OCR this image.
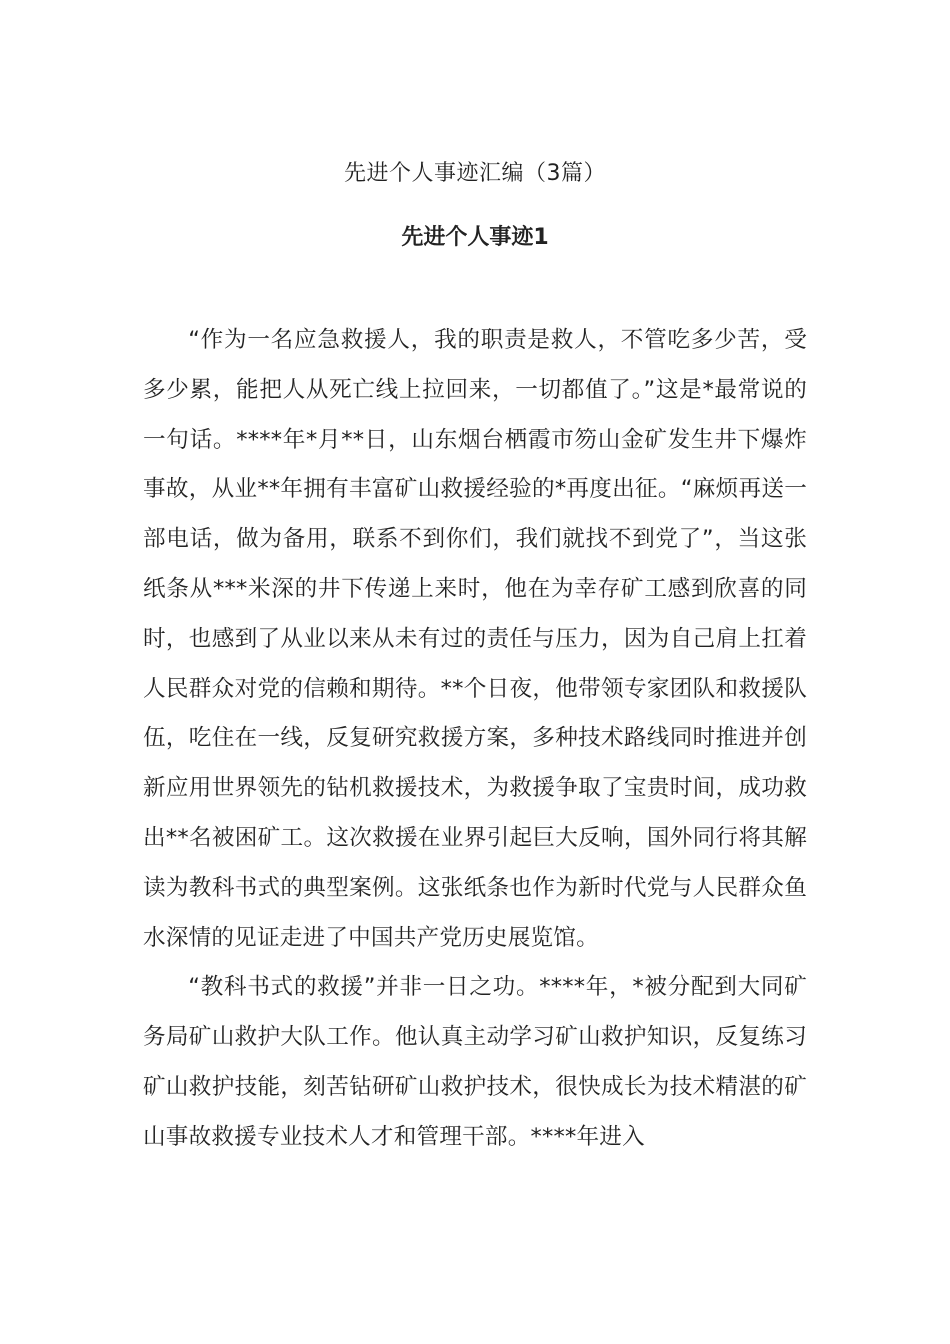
先进个人事迹汇编（3篇）
先进个人事迹1

“作为一名应急救援人，我的职责是救人，不管吃多少苦，受多少累，能把人从死亡线上拉回来，一切都值了。”这是*最常说的一句话。****年*月**日，山东烟台栖霞市笏山金矿发生井下爆炸事故，从业**年拥有丰富矿山救援经验的*再度出征。“麻烦再送一部电话，做为备用，联系不到你们，我们就找不到党了”，当这张纸条从***米深的井下传递上来时，他在为幸存矿工感到欣喜的同时，也感到了从业以来从未有过的责任与压力，因为自己肩上扛着人民群众对党的信赖和期待。**个日夜，他带领专家团队和救援队伍，吃住在一线，反复研究救援方案，多种技术路线同时推进并创新应用世界领先的钻机救援技术，为救援争取了宝贵时间，成功救出**名被困矿工。这次救援在业界引起巨大反响，国外同行将其解读为教科书式的典型案例。这张纸条也作为新时代党与人民群众鱼水深情的见证走进了中国共产党历史展览馆。

“教科书式的救援”并非一日之功。****年，*被分配到大同矿务局矿山救护大队工作。他认真主动学习矿山救护知识，反复练习矿山救护技能，刻苦钻研矿山救护技术，很快成长为技术精湛的矿山事故救援专业技术人才和管理干部。****年进入
